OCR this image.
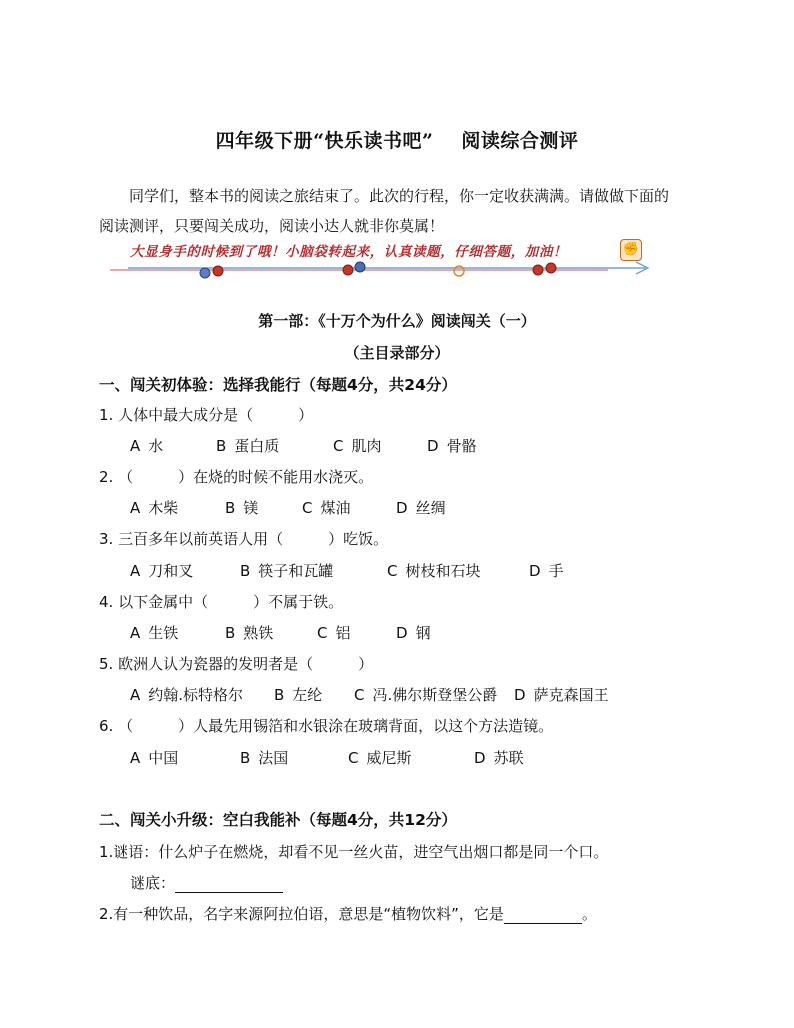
四年级下册“快乐读书吧” 阅读综合测评

同学们，整本书的阅读之旅结束了。此次的行程，你一定收获满满。请做做下面的

阅读测评，只要闯关成功，阅读小达人就非你莫属！
大显身手的时候到了哦！小脑袋转起来，认真读题，仔细答题，加油！	✊
第一部：《十万个为什么》阅读闯关（一）
（主目录部分）
一、闯关初体验：选择我能行（每题4分，共24分）
1. 人体中最大成分是（　　　）
A 水	B 蛋白质	C 肌肉	D 骨骼
2. （　　　）在烧的时候不能用水浇灭。
A 木柴	B 镁	C 煤油	D 丝绸
3. 三百多年以前英语人用（　　　）吃饭。
A 刀和叉	B 筷子和瓦罐	C 树枝和石块	D 手
4. 以下金属中（　　　）不属于铁。
A 生铁	B 熟铁	C 铝	D 钢
5. 欧洲人认为瓷器的发明者是（　　　）
A 约翰.标特格尔 B 左纶 C 冯.佛尔斯登堡公爵 D 萨克森国王
6. （　　　）人最先用锡箔和水银涂在玻璃背面，以这个方法造镜。
A 中国	B 法国	C 威尼斯	D 苏联
二、闯关小升级：空白我能补（每题4分，共12分）
1.谜语：什么炉子在燃烧，却看不见一丝火苗，进空气出烟口都是同一个口。
谜底：
2.有一种饮品，名字来源阿拉伯语，意思是“植物饮料”，它是	。
